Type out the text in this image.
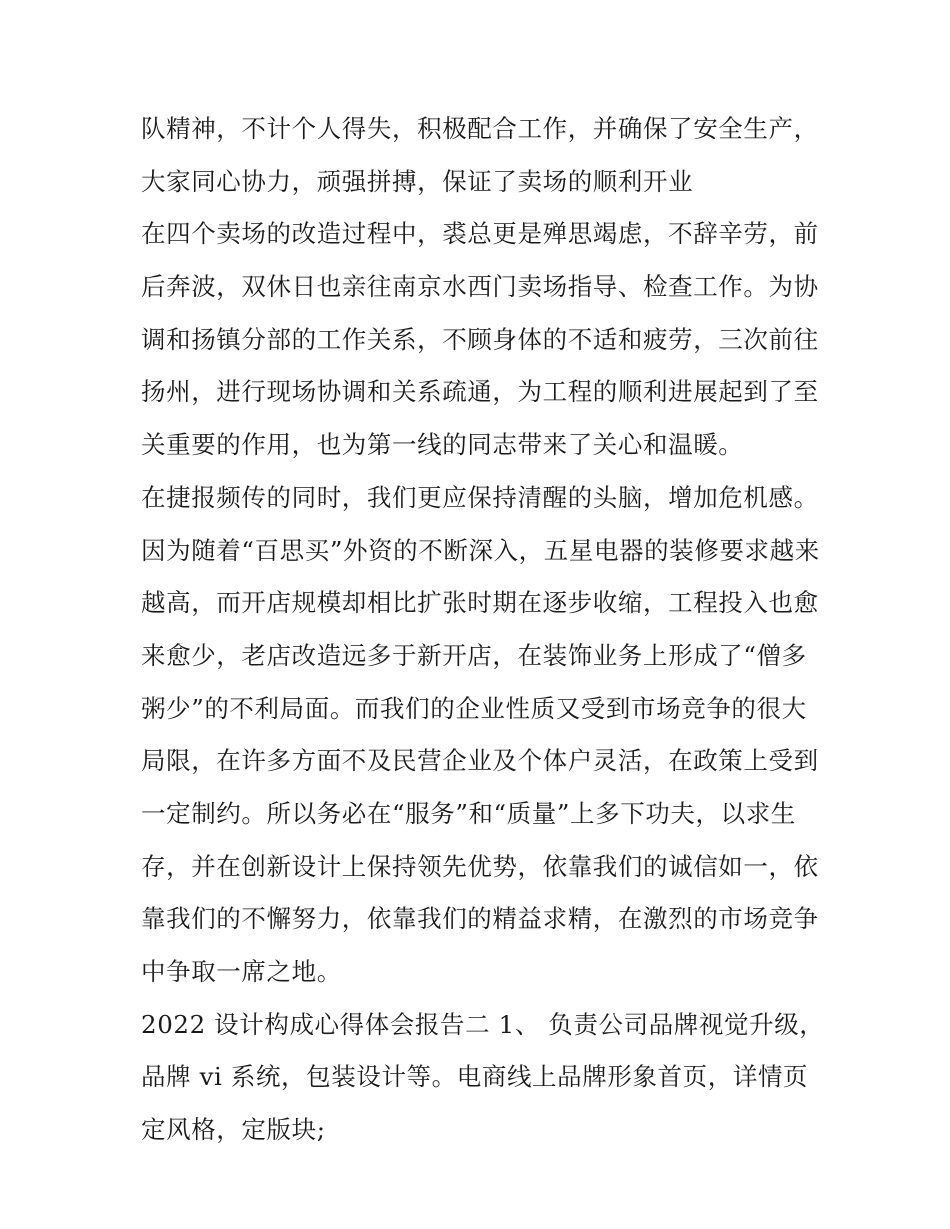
队精神，不计个人得失，积极配合工作，并确保了安全生产，
大家同心协力，顽强拼搏，保证了卖场的顺利开业
在四个卖场的改造过程中，裘总更是殚思竭虑，不辞辛劳，前
后奔波，双休日也亲往南京水西门卖场指导、检查工作。为协
调和扬镇分部的工作关系，不顾身体的不适和疲劳，三次前往
扬州，进行现场协调和关系疏通，为工程的顺利进展起到了至
关重要的作用，也为第一线的同志带来了关心和温暖。
在捷报频传的同时，我们更应保持清醒的头脑，增加危机感。
因为随着“百思买”外资的不断深入，五星电器的装修要求越来
越高，而开店规模却相比扩张时期在逐步收缩，工程投入也愈
来愈少，老店改造远多于新开店，在装饰业务上形成了“僧多
粥少”的不利局面。而我们的企业性质又受到市场竞争的很大
局限，在许多方面不及民营企业及个体户灵活，在政策上受到
一定制约。所以务必在“服务”和“质量”上多下功夫，以求生
存，并在创新设计上保持领先优势，依靠我们的诚信如一，依
靠我们的不懈努力，依靠我们的精益求精，在激烈的市场竞争
中争取一席之地。
2022 设计构成心得体会报告二 1、 负责公司品牌视觉升级，
品牌 vi 系统，包装设计等。电商线上品牌形象首页，详情页
定风格，定版块;
